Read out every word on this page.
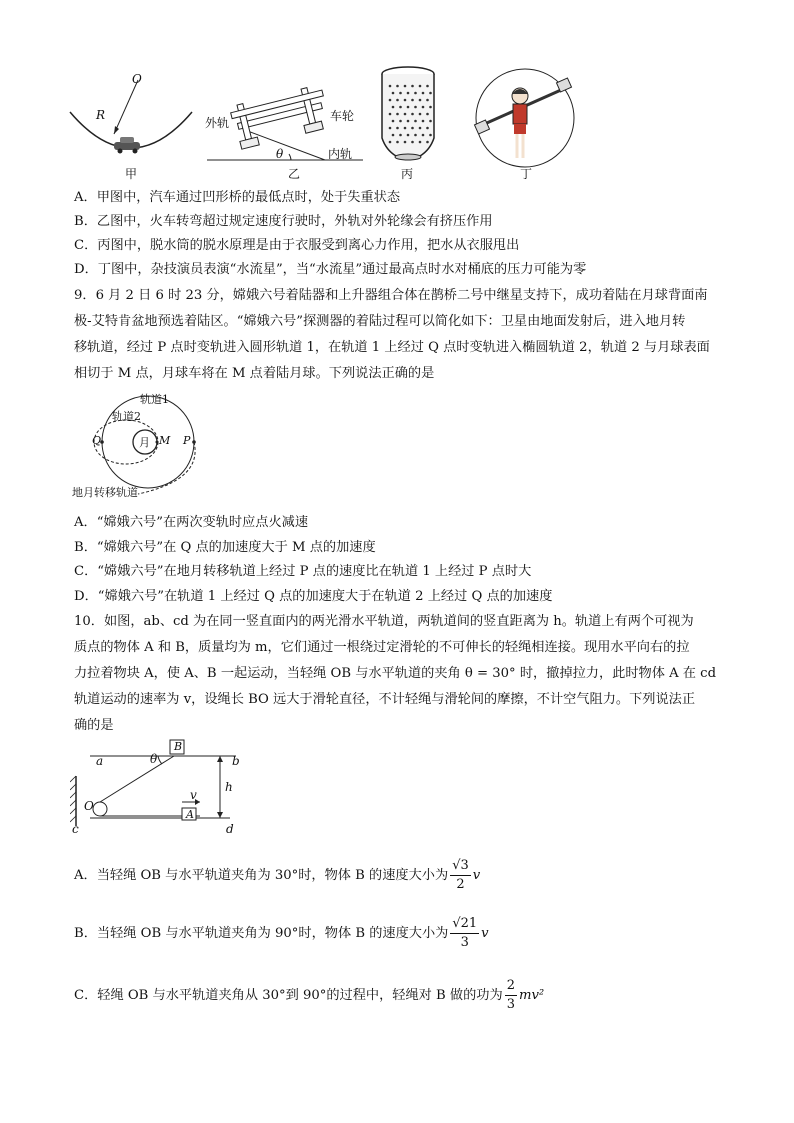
O
R
甲
外轨	车轮
内轨
θ
乙	丙	丁
A．甲图中，汽车通过凹形桥的最低点时，处于失重状态
B．乙图中，火车转弯超过规定速度行驶时，外轨对外轮缘会有挤压作用
C．丙图中，脱水筒的脱水原理是由于衣服受到离心力作用，把水从衣服甩出
D．丁图中，杂技演员表演“水流星”，当“水流星”通过最高点时水对桶底的压力可能为零
9．6 月 2 日 6 时 23 分，嫦娥六号着陆器和上升器组合体在鹊桥二号中继星支持下，成功着陆在月球背面南
极-艾特肯盆地预选着陆区。“嫦娥六号”探测器的着陆过程可以简化如下：卫星由地面发射后，进入地月转
移轨道，经过 P 点时变轨进入圆形轨道 1，在轨道 1 上经过 Q 点时变轨进入椭圆轨道 2，轨道 2 与月球表面
相切于 M 点，月球车将在 M 点着陆月球。下列说法正确的是
轨道1
轨道2
月 M
Q	P
地月转移轨道
A．“嫦娥六号”在两次变轨时应点火减速
B．“嫦娥六号”在 Q 点的加速度大于 M 点的加速度
C．“嫦娥六号”在地月转移轨道上经过 P 点的速度比在轨道 1 上经过 P 点时大
D．“嫦娥六号”在轨道 1 上经过 Q 点的加速度大于在轨道 2 上经过 Q 点的加速度
10．如图，ab、cd 为在同一竖直面内的两光滑水平轨道，两轨道间的竖直距离为 h。轨道上有两个可视为
质点的物体 A 和 B，质量均为 m，它们通过一根绕过定滑轮的不可伸长的轻绳相连接。现用水平向右的拉
力拉着物块 A，使 A、B 一起运动，当轻绳 OB 与水平轨道的夹角 θ = 30° 时，撤掉拉力，此时物体 A 在 cd
轨道运动的速率为 v，设绳长 BO 远大于滑轮直径，不计轻绳与滑轮间的摩擦，不计空气阻力。下列说法正
确的是
a	b
c	d
B
A
O
θ
v
h
A．当轻绳 OB 与水平轨道夹角为 30°时，物体 B 的速度大小为 $\frac{√3}{2}$ v
B．当轻绳 OB 与水平轨道夹角为 90°时，物体 B 的速度大小为 $\frac{√21}{3}$ v
C．轻绳 OB 与水平轨道夹角从 30°到 90°的过程中，轻绳对 B 做的功为 $\frac{2}{3} mv^2$
